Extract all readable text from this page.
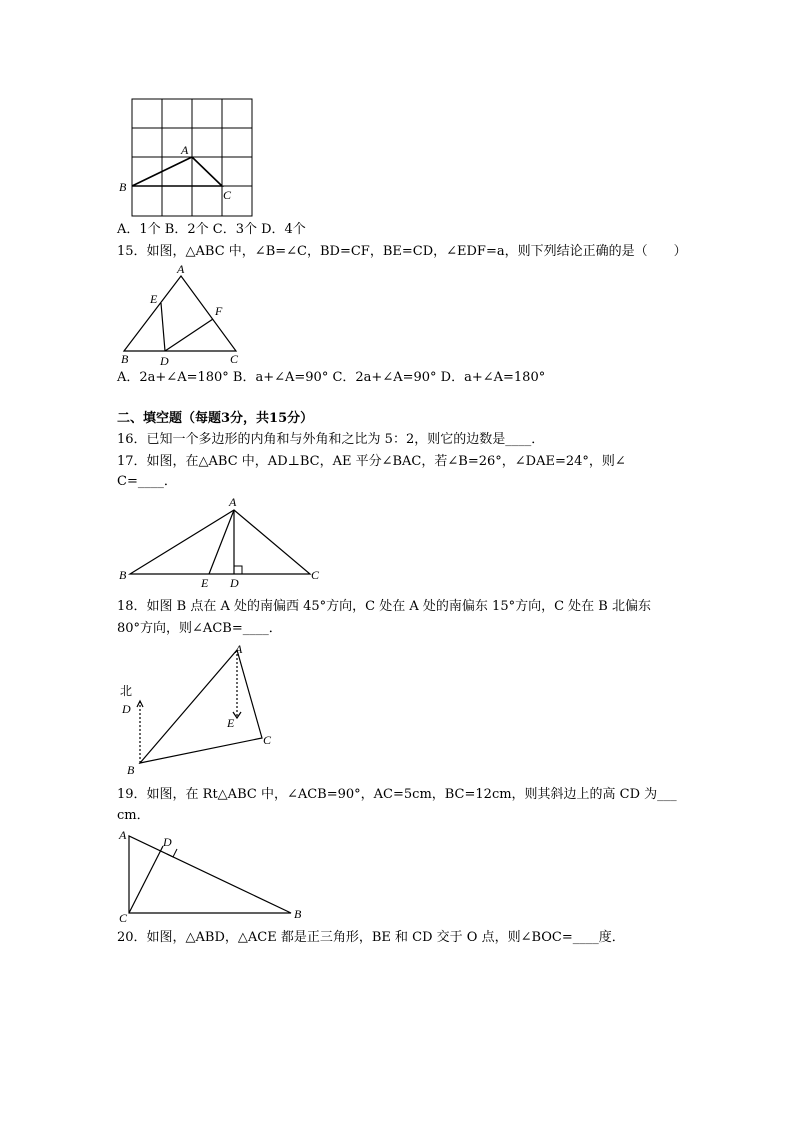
A
B
C
A．1个 B．2个 C．3个 D．4个
15．如图，△ABC 中，∠B=∠C，BD=CF，BE=CD，∠EDF=a，则下列结论正确的是（　　）
A
B	C
D
E
F
A．2a+∠A=180° B．a+∠A=90° C．2a+∠A=90° D．a+∠A=180°
二、填空题（每题3分，共15分）
16．已知一个多边形的内角和与外角和之比为 5：2，则它的边数是____．
17．如图，在△ABC 中，AD⊥BC，AE 平分∠BAC，若∠B=26°，∠DAE=24°，则∠
C=____．
A
B	C
E D
18．如图 B 点在 A 处的南偏西 45°方向，C 处在 A 处的南偏东 15°方向，C 处在 B 北偏东
80°方向，则∠ACB=____．
北
D
A
E
C
B
19．如图，在 Rt△ABC 中，∠ACB=90°，AC=5cm，BC=12cm，则其斜边上的高 CD 为___
cm．
A	D
C	B
20．如图，△ABD，△ACE 都是正三角形，BE 和 CD 交于 O 点，则∠BOC=____度．
